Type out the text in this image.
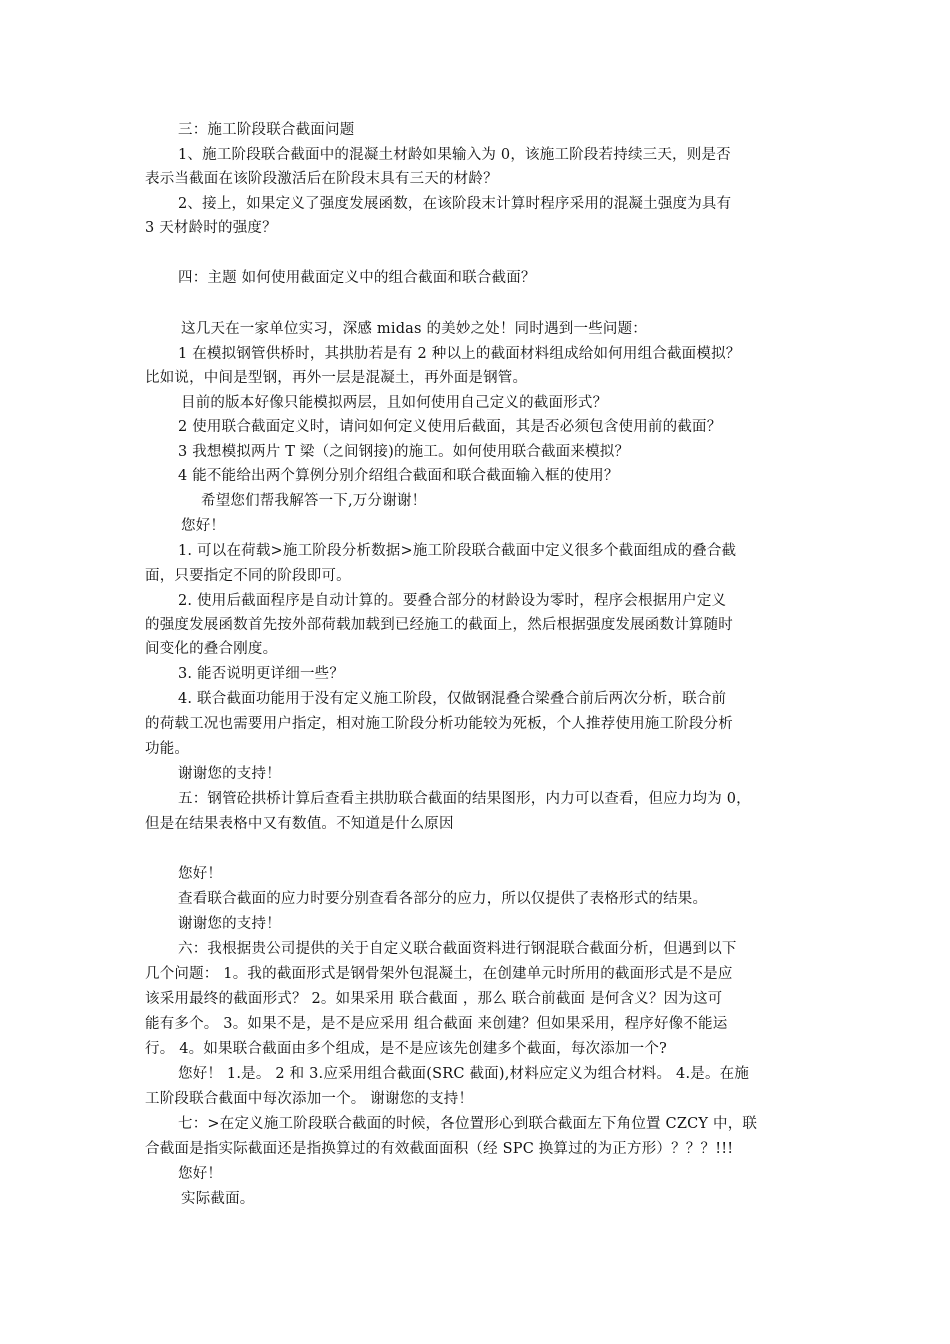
三：施工阶段联合截面问题
1、施工阶段联合截面中的混凝土材龄如果输入为 0，该施工阶段若持续三天，则是否
表示当截面在该阶段激活后在阶段末具有三天的材龄？
2、接上，如果定义了强度发展函数，在该阶段末计算时程序采用的混凝土强度为具有
3 天材龄时的强度？
四：主题 如何使用截面定义中的组合截面和联合截面？
这几天在一家单位实习，深感 midas 的美妙之处！同时遇到一些问题：
1 在模拟钢管供桥时，其拱肋若是有 2 种以上的截面材料组成给如何用组合截面模拟？
比如说，中间是型钢，再外一层是混凝土，再外面是钢管。
目前的版本好像只能模拟两层，且如何使用自己定义的截面形式？
2 使用联合截面定义时，请问如何定义使用后截面，其是否必须包含使用前的截面？
3 我想模拟两片 T 梁（之间钢接)的施工。如何使用联合截面来模拟？
4 能不能给出两个算例分别介绍组合截面和联合截面输入框的使用？
希望您们帮我解答一下,万分谢谢！
您好！
1. 可以在荷载>施工阶段分析数据>施工阶段联合截面中定义很多个截面组成的叠合截
面，只要指定不同的阶段即可。
2. 使用后截面程序是自动计算的。要叠合部分的材龄设为零时，程序会根据用户定义
的强度发展函数首先按外部荷载加载到已经施工的截面上，然后根据强度发展函数计算随时
间变化的叠合刚度。
3. 能否说明更详细一些？
4. 联合截面功能用于没有定义施工阶段，仅做钢混叠合梁叠合前后两次分析，联合前
的荷载工况也需要用户指定，相对施工阶段分析功能较为死板，个人推荐使用施工阶段分析
功能。
谢谢您的支持！
五：钢管砼拱桥计算后查看主拱肋联合截面的结果图形，内力可以查看，但应力均为 0，
但是在结果表格中又有数值。不知道是什么原因
您好！
查看联合截面的应力时要分别查看各部分的应力，所以仅提供了表格形式的结果。
谢谢您的支持！
六：我根据贵公司提供的关于自定义联合截面资料进行钢混联合截面分析，但遇到以下
几个问题： 1。我的截面形式是钢骨架外包混凝土，在创建单元时所用的截面形式是不是应
该采用最终的截面形式？ 2。如果采用 联合截面 ，那么 联合前截面 是何含义？因为这可
能有多个。 3。如果不是，是不是应采用 组合截面 来创建？但如果采用，程序好像不能运
行。 4。如果联合截面由多个组成，是不是应该先创建多个截面，每次添加一个?
您好！ 1.是。 2 和 3.应采用组合截面(SRC 截面),材料应定义为组合材料。 4.是。在施
工阶段联合截面中每次添加一个。 谢谢您的支持！
七：>在定义施工阶段联合截面的时候，各位置形心到联合截面左下角位置 CZCY 中，联
合截面是指实际截面还是指换算过的有效截面面积（经 SPC 换算过的为正方形）？？？!!!
您好！
实际截面。
